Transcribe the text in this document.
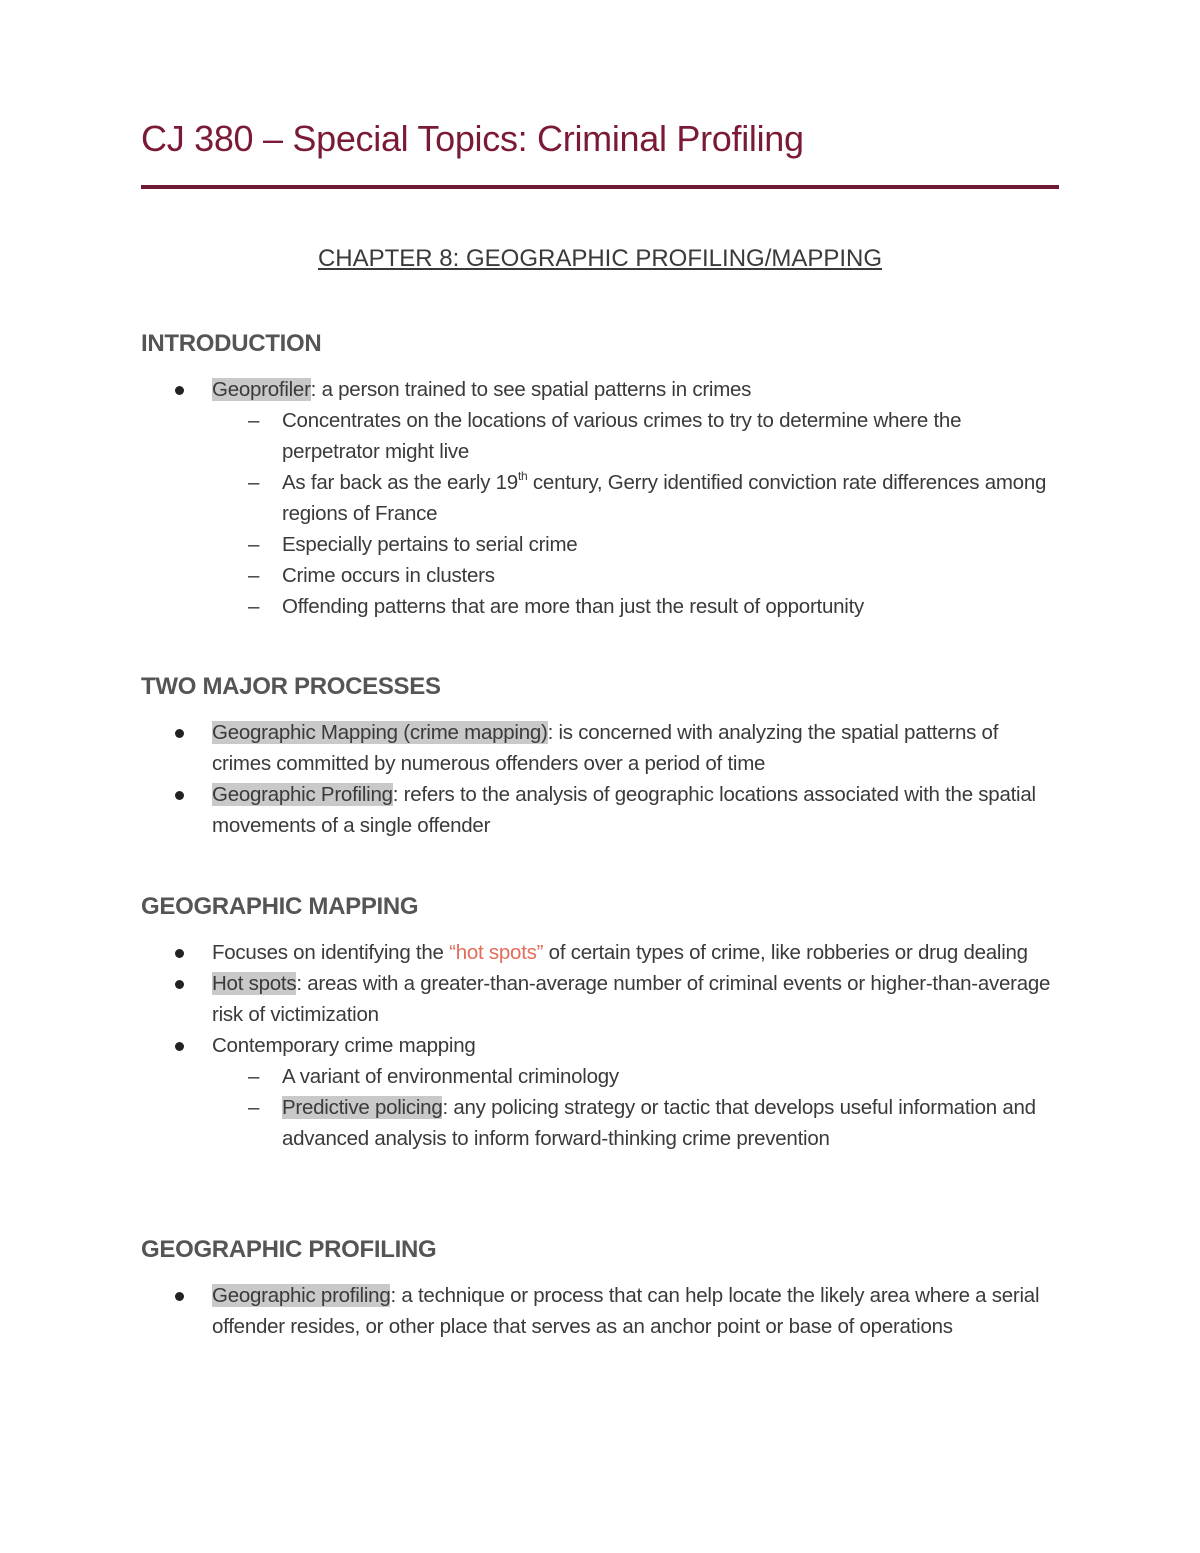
CJ 380 – Special Topics: Criminal Profiling
CHAPTER 8: GEOGRAPHIC PROFILING/MAPPING
INTRODUCTION
Geoprofiler: a person trained to see spatial patterns in crimes
– Concentrates on the locations of various crimes to try to determine where the perpetrator might live
– As far back as the early 19th century, Gerry identified conviction rate differences among regions of France
– Especially pertains to serial crime
– Crime occurs in clusters
– Offending patterns that are more than just the result of opportunity
TWO MAJOR PROCESSES
Geographic Mapping (crime mapping): is concerned with analyzing the spatial patterns of crimes committed by numerous offenders over a period of time
Geographic Profiling: refers to the analysis of geographic locations associated with the spatial movements of a single offender
GEOGRAPHIC MAPPING
Focuses on identifying the “hot spots” of certain types of crime, like robberies or drug dealing
Hot spots: areas with a greater-than-average number of criminal events or higher-than-average risk of victimization
Contemporary crime mapping
– A variant of environmental criminology
– Predictive policing: any policing strategy or tactic that develops useful information and advanced analysis to inform forward-thinking crime prevention
GEOGRAPHIC PROFILING
Geographic profiling: a technique or process that can help locate the likely area where a serial offender resides, or other place that serves as an anchor point or base of operations
